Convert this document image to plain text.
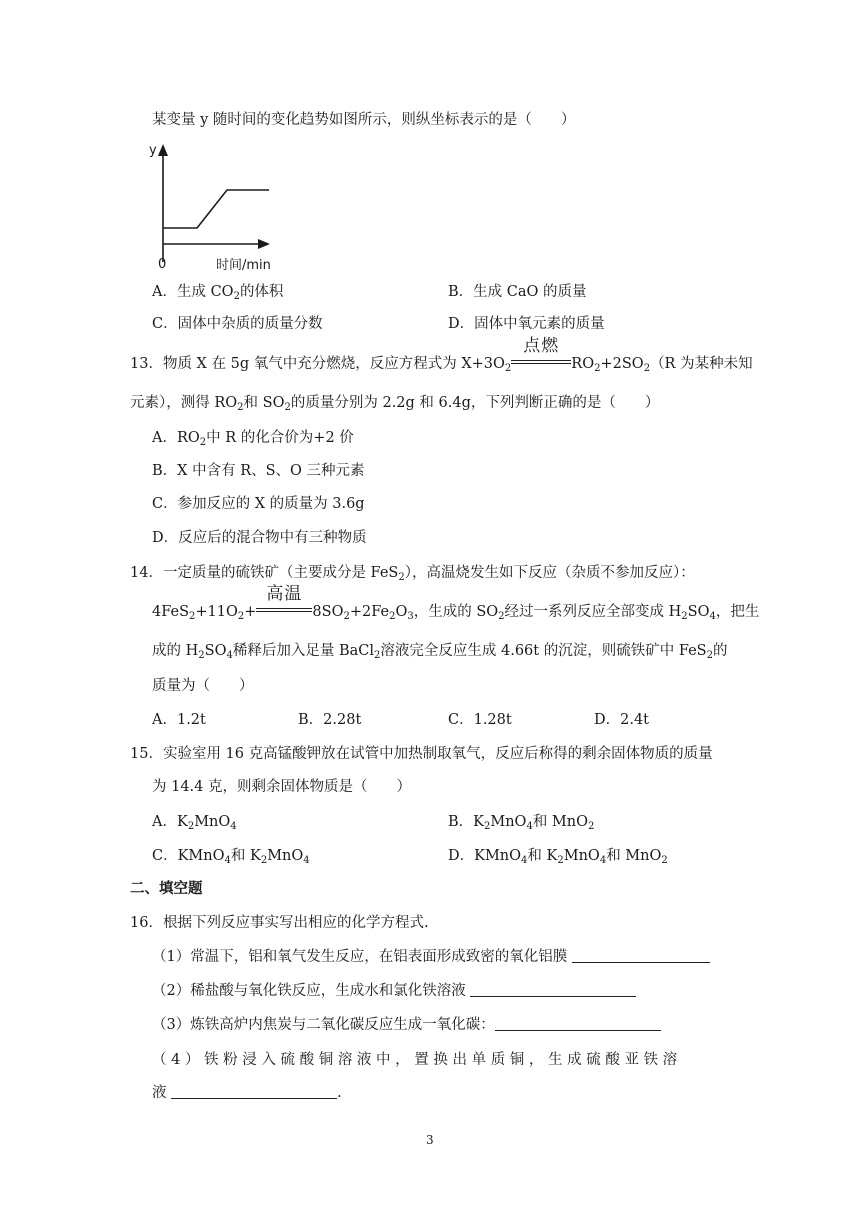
某变量 y 随时间的变化趋势如图所示，则纵坐标表示的是（　　）
y
0	时间/min
A．生成 $CO_2$的体积	B．生成 CaO 的质量
C．固体中杂质的质量分数	D．固体中氧元素的质量
13．物质 X 在 5g 氧气中充分燃烧，反应方程式为 $X+3O_2$
点燃
$RO_2+2SO_2(R$ 为某种未知
元素），测得 $RO_2$和 $SO_2$的质量分别为 2.2g 和 6.4g，下列判断正确的是（　　）
A．$RO_2$中 R 的化合价为+2 价
B．X 中含有 R、S、O 三种元素
C．参加反应的 X 的质量为 3.6g
D．反应后的混合物中有三种物质
14．一定质量的硫铁矿（主要成分是 FeS$_2$），高温烧发生如下反应（杂质不参加反应）：
$4FeS_2+11O_2+$
高温
$8SO_2+2Fe_2O_3$，生成的 $SO_2$经过一系列反应全部变成 $H_2SO_4$，把生
成的 $H_2SO_4$稀释后加入足量 BaCl$_2$溶液完全反应生成 4.66t 的沉淀，则硫铁矿中 FeS$_2$的
质量为（　　）
A．1.2t	B．2.28t	C．1.28t	D．2.4t
15．实验室用 16 克高锰酸钾放在试管中加热制取氧气，反应后称得的剩余固体物质的质量
为 14.4 克，则剩余固体物质是（　　）
A．$K_2MnO_4$	B．$K_2MnO_4$和 MnO$_2$
C．KMnO$_4$和 $K_2MnO_4$	D．KMnO$_4$和 $K_2MnO_4$和 MnO$_2$
二、填空题
16．根据下列反应事实写出相应的化学方程式.
（1）常温下，铝和氧气发生反应，在铝表面形成致密的氧化铝膜
（2）稀盐酸与氧化铁反应，生成水和氯化铁溶液
（3）炼铁高炉内焦炭与二氧化碳反应生成一氧化碳：
（ 4 ） 铁 粉 浸 入 硫 酸 铜 溶 液 中 ， 置 换 出 单 质 铜 ， 生 成 硫 酸 亚 铁 溶
液	.
3
